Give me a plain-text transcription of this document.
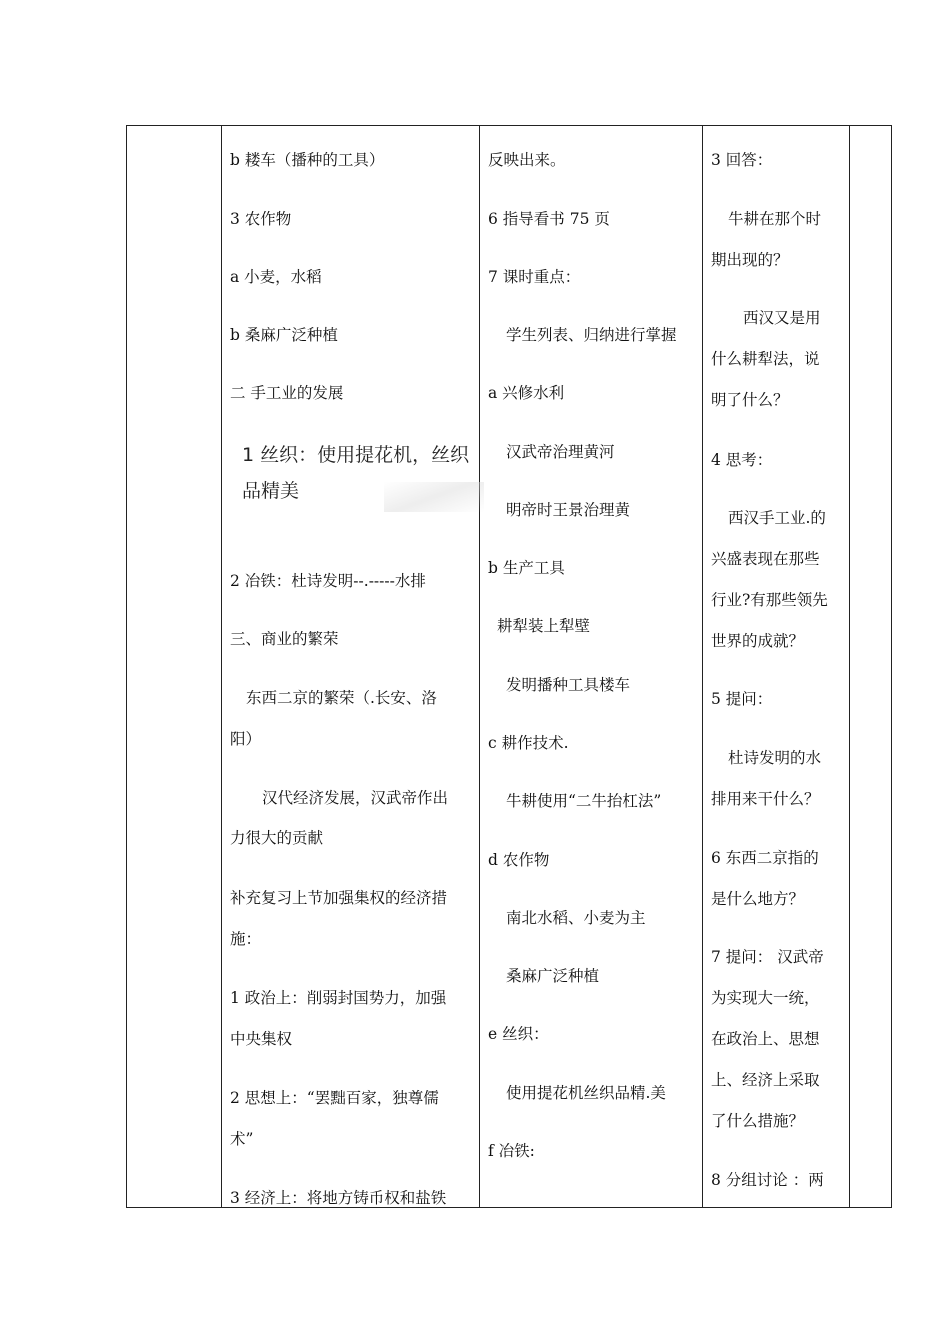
b 耧车（播种的工具）
3 农作物
a 小麦，水稻
b 桑麻广泛种植
二 手工业的发展
1 丝织：使用提花机，丝织
品精美
2 冶铁：杜诗发明--.-----水排
三、商业的繁荣
东西二京的繁荣（.长安、洛
阳）
汉代经济发展，汉武帝作出
力很大的贡献
补充复习上节加强集权的经济措
施：
1 政治上：削弱封国势力，加强
中央集权
2 思想上：“罢黜百家，独尊儒
术”
3 经济上：将地方铸币权和盐铁
反映出来。
6 指导看书 75 页
7 课时重点：
学生列表、归纳进行掌握
a 兴修水利
汉武帝治理黄河
明帝时王景治理黄
b 生产工具
耕犁装上犁壁
发明播种工具楼车
c 耕作技术.
牛耕使用“二牛抬杠法”
d 农作物
南北水稻、小麦为主
桑麻广泛种植
e 丝织：
使用提花机丝织品精.美
f 冶铁:
3 回答：
牛耕在那个时
期出现的？
西汉又是用
什么耕犁法，说
明了什么？
4 思考：
西汉手工业.的
兴盛表现在那些
行业?有那些领先
世界的成就？
5 提问：
杜诗发明的水
排用来干什么？
6 东西二京指的
是什么地方？
7 提问： 汉武帝
为实现大一统，
在政治上、思想
上、经济上采取
了什么措施？
8 分组讨论 ：两
